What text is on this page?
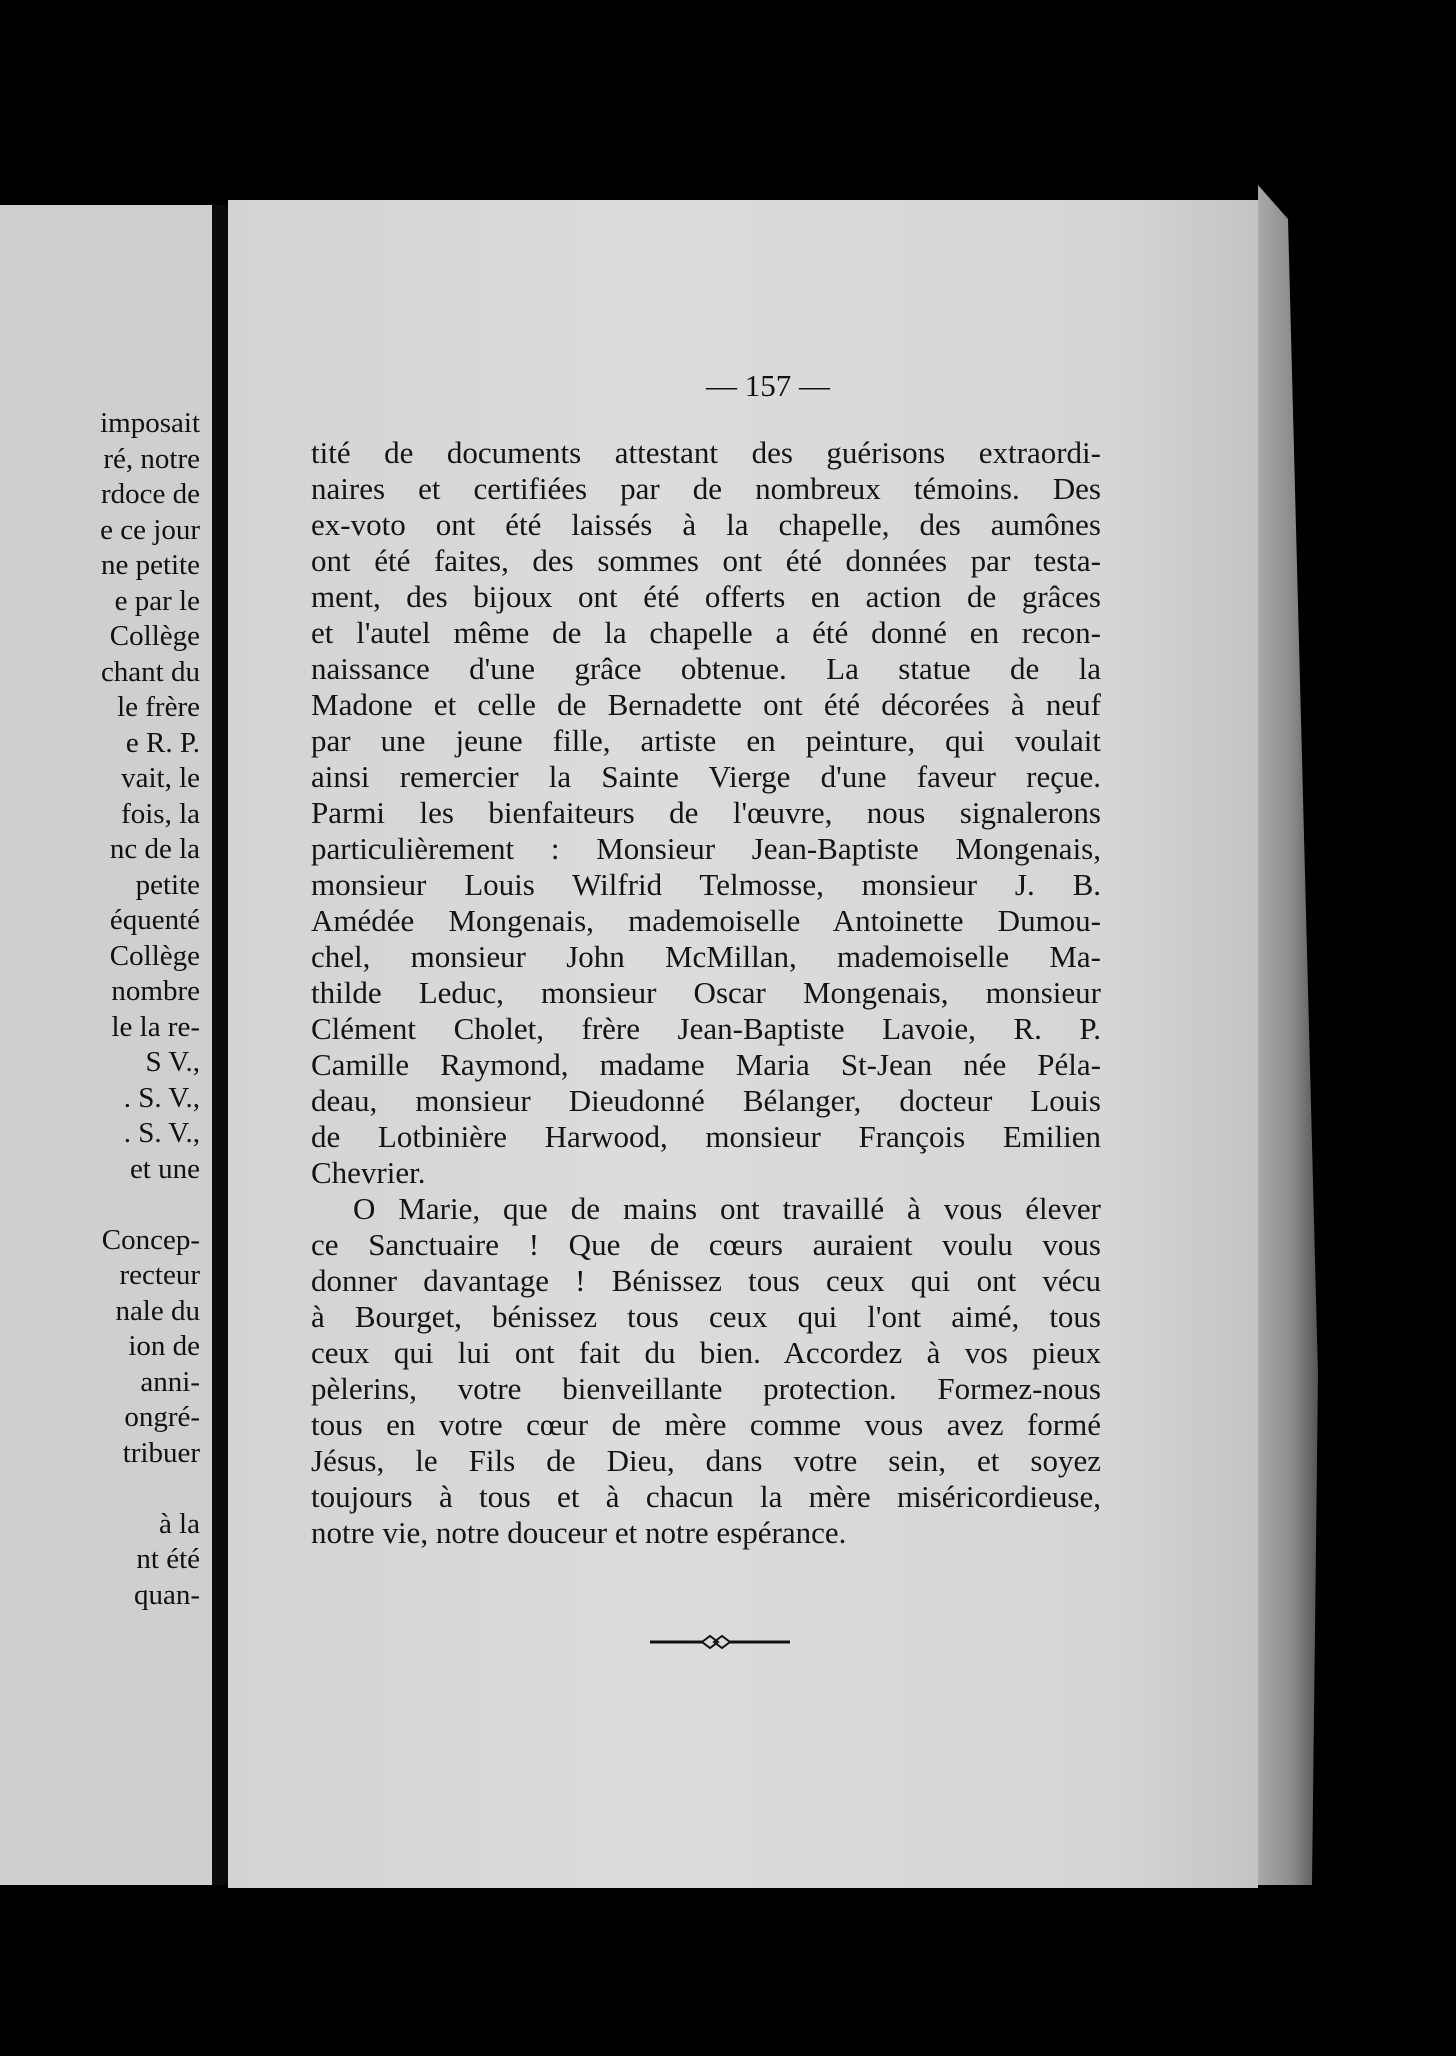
imposait
ré, notre
rdoce de
e ce jour
ne petite
e par le
Collège
chant du
le frère
e R. P.
vait, le
fois, la
nc de la
petite
équenté
Collège
nombre
le la re-
S V.,
. S. V.,
. S. V.,
et une
Concep-
recteur
nale du
ion de
anni-
ongré-
tribuer
à la
nt été
quan-
— 157 —
tité de documents attestant des guérisons extraordi-
naires et certifiées par de nombreux témoins. Des
ex-voto ont été laissés à la chapelle, des aumônes
ont été faites, des sommes ont été données par testa-
ment, des bijoux ont été offerts en action de grâces
et l'autel même de la chapelle a été donné en recon-
naissance d'une grâce obtenue. La statue de la
Madone et celle de Bernadette ont été décorées à neuf
par une jeune fille, artiste en peinture, qui voulait
ainsi remercier la Sainte Vierge d'une faveur reçue.
Parmi les bienfaiteurs de l'œuvre, nous signalerons
particulièrement : Monsieur Jean-Baptiste Mongenais,
monsieur Louis Wilfrid Telmosse, monsieur J. B.
Amédée Mongenais, mademoiselle Antoinette Dumou-
chel, monsieur John McMillan, mademoiselle Ma-
thilde Leduc, monsieur Oscar Mongenais, monsieur
Clément Cholet, frère Jean-Baptiste Lavoie, R. P.
Camille Raymond, madame Maria St-Jean née Péla-
deau, monsieur Dieudonné Bélanger, docteur Louis
de Lotbinière Harwood, monsieur François Emilien
Chevrier.
O Marie, que de mains ont travaillé à vous élever
ce Sanctuaire ! Que de cœurs auraient voulu vous
donner davantage ! Bénissez tous ceux qui ont vécu
à Bourget, bénissez tous ceux qui l'ont aimé, tous
ceux qui lui ont fait du bien. Accordez à vos pieux
pèlerins, votre bienveillante protection. Formez-nous
tous en votre cœur de mère comme vous avez formé
Jésus, le Fils de Dieu, dans votre sein, et soyez
toujours à tous et à chacun la mère miséricordieuse,
notre vie, notre douceur et notre espérance.
